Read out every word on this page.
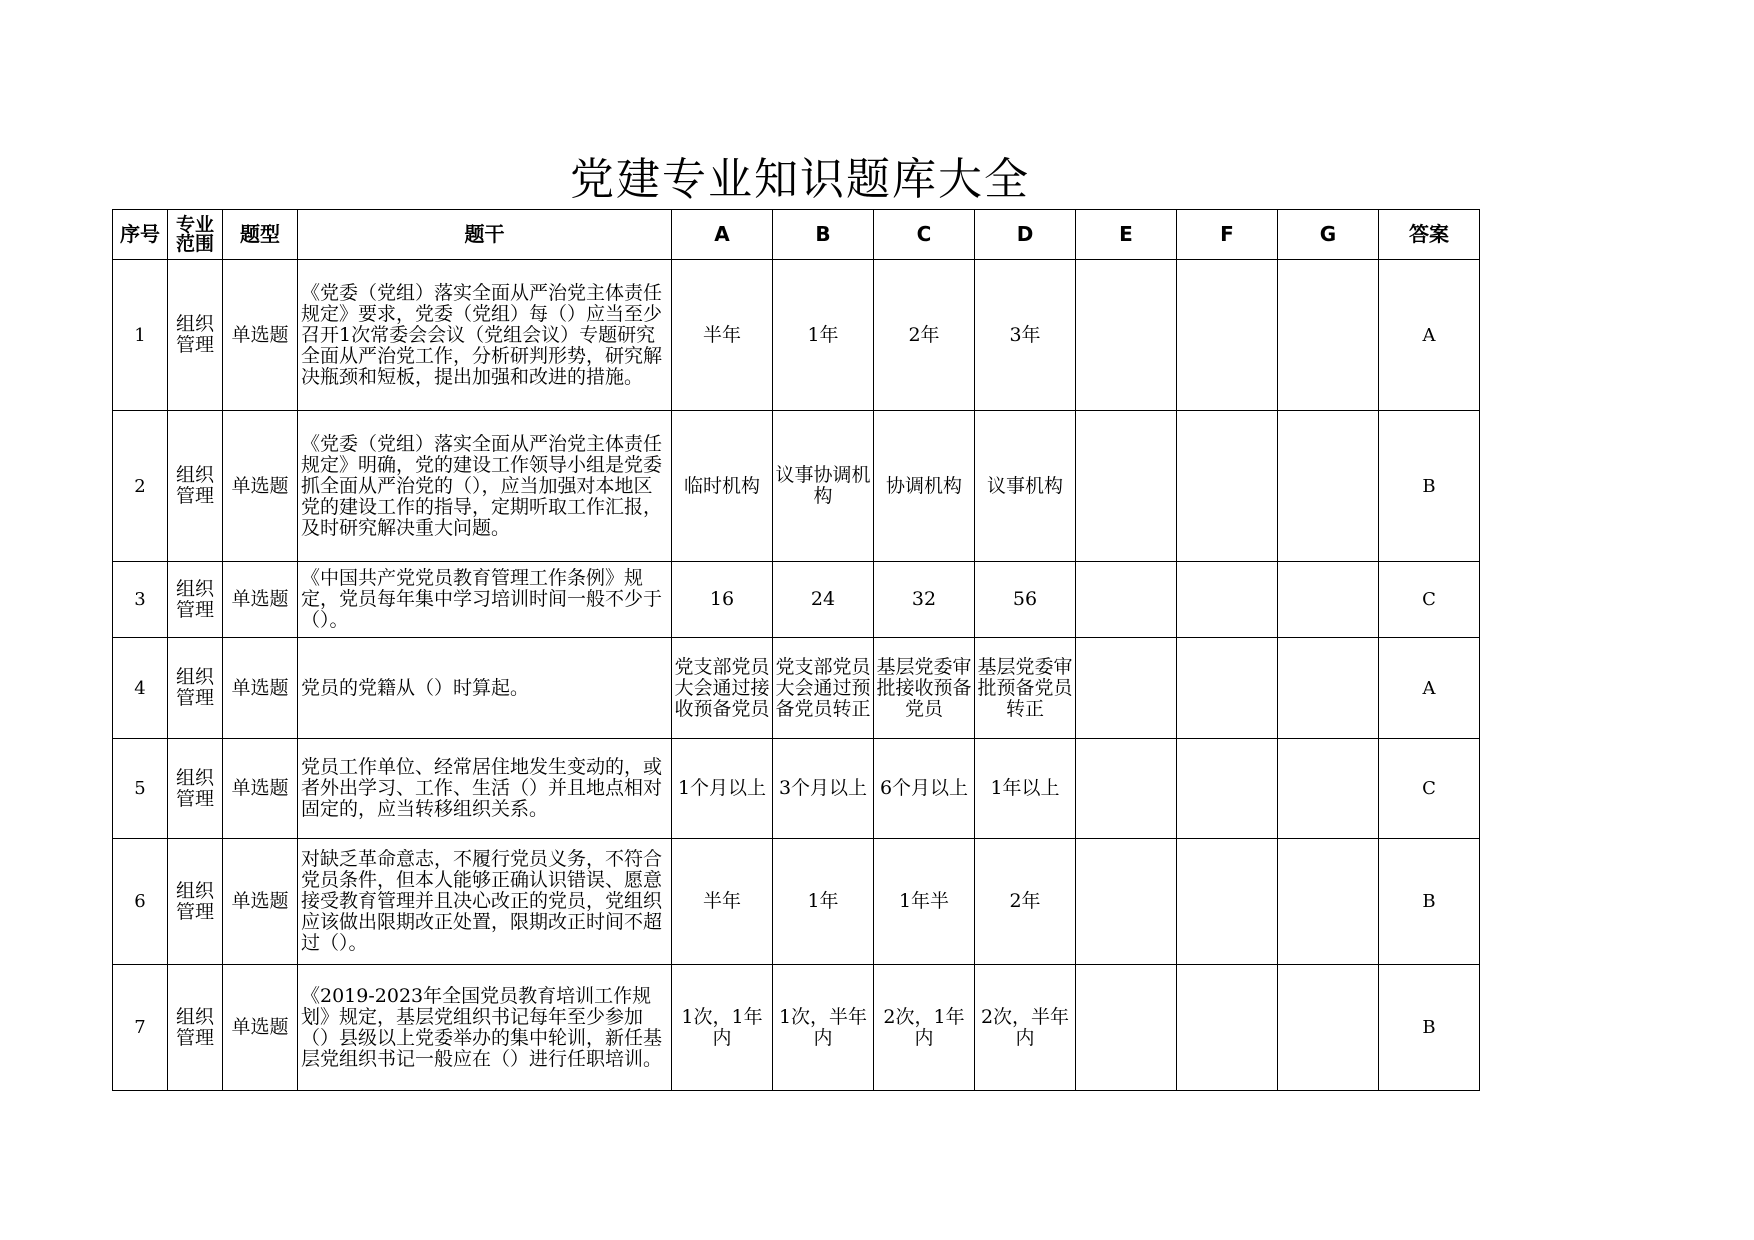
党建专业知识题库大全
序号	专业范围	题型	题干	A	B	C	D	E	F	G	答案
1	组织管理	单选题	《党委（党组）落实全面从严治党主体责任规定》要求，党委（党组）每（）应当至少召开1次常委会会议（党组会议）专题研究全面从严治党工作，分析研判形势，研究解决瓶颈和短板，提出加强和改进的措施。	半年	1年	2年	3年				A
2	组织管理	单选题	《党委（党组）落实全面从严治党主体责任规定》明确，党的建设工作领导小组是党委抓全面从严治党的（），应当加强对本地区党的建设工作的指导，定期听取工作汇报，及时研究解决重大问题。	临时机构	议事协调机构	协调机构	议事机构				B
3	组织管理	单选题	《中国共产党党员教育管理工作条例》规定，党员每年集中学习培训时间一般不少于（）。	16	24	32	56				C
4	组织管理	单选题	党员的党籍从（）时算起。	党支部党员大会通过接收预备党员	党支部党员大会通过预备党员转正	基层党委审批接收预备党员	基层党委审批预备党员转正				A
5	组织管理	单选题	党员工作单位、经常居住地发生变动的，或者外出学习、工作、生活（）并且地点相对固定的，应当转移组织关系。	1个月以上	3个月以上	6个月以上	1年以上				C
6	组织管理	单选题	对缺乏革命意志，不履行党员义务，不符合党员条件，但本人能够正确认识错误、愿意接受教育管理并且决心改正的党员，党组织应该做出限期改正处置，限期改正时间不超过（）。	半年	1年	1年半	2年				B
7	组织管理	单选题	《2019-2023年全国党员教育培训工作规划》规定，基层党组织书记每年至少参加（）县级以上党委举办的集中轮训，新任基层党组织书记一般应在（）进行任职培训。	1次，1年内	1次，半年内	2次，1年内	2次，半年内				B
